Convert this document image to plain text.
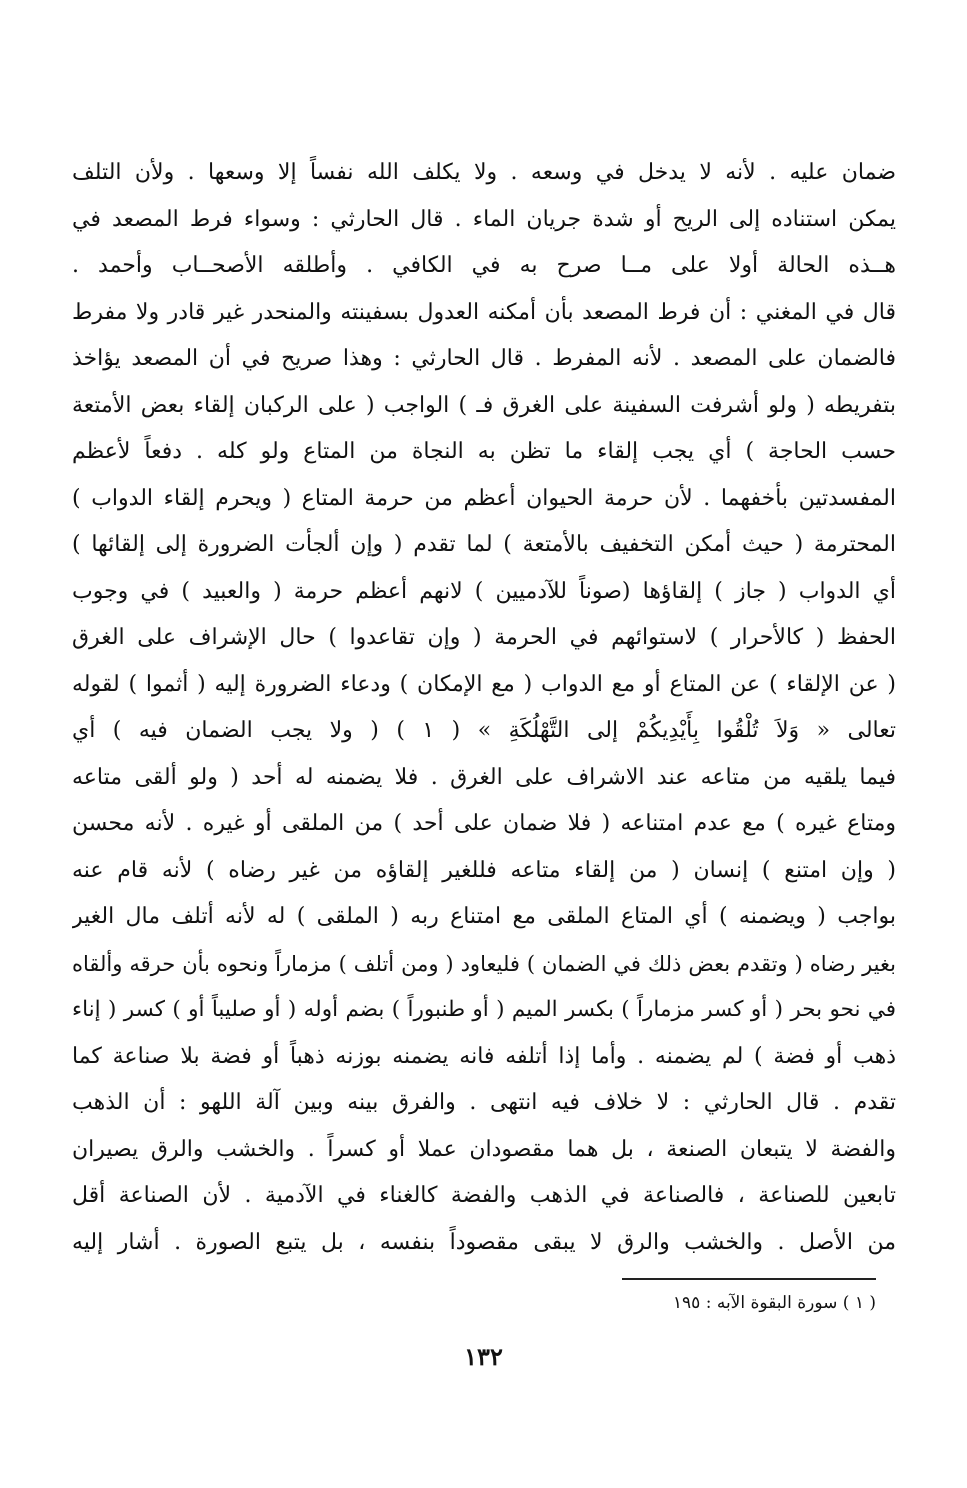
ضمان عليه . لأنه لا يدخل في وسعه . ولا يكلف الله نفساً إلا وسعها . ولأن التلف
يمكن استناده إلى الريح أو شدة جريان الماء . قال الحارثي : وسواء فرط المصعد في
هــذه الحالة أولا على مــا صرح به في الكافي . وأطلقه الأصحــاب وأحمد .
قال في المغني : أن فرط المصعد بأن أمكنه العدول بسفينته والمنحدر غير قادر ولا مفرط
فالضمان على المصعد . لأنه المفرط . قال الحارثي : وهذا صريح في أن المصعد يؤاخذ
بتفريطه ( ولو أشرفت السفينة على الغرق فـ ) الواجب ( على الركبان إلقاء بعض الأمتعة
حسب الحاجة ) أي يجب إلقاء ما تظن به النجاة من المتاع ولو كله . دفعاً لأعظم
المفسدتين بأخفهما . لأن حرمة الحيوان أعظم من حرمة المتاع ( ويحرم إلقاء الدواب )
المحترمة ( حيث أمكن التخفيف بالأمتعة ) لما تقدم ( وإن ألجأت الضرورة إلى إلقائها )
أي الدواب ( جاز ) إلقاؤها (صوناً للآدميين ) لانهم أعظم حرمة ( والعبيد ) في وجوب
الحفظ ( كالأحرار ) لاستوائهم في الحرمة ( وإن تقاعدوا ) حال الإشراف على الغرق
( عن الإلقاء ) عن المتاع أو مع الدواب ( مع الإمكان ) ودعاء الضرورة إليه ( أثموا ) لقوله
تعالى « وَلاَ تُلْقُوا بِأَيْدِيكُمْ إلى التَّهْلُكَةِ » ( ١ ) ( ولا يجب الضمان فيه ) أي
فيما يلقيه من متاعه عند الاشراف على الغرق . فلا يضمنه له أحد ( ولو ألقى متاعه
ومتاع غيره ) مع عدم امتناعه ( فلا ضمان على أحد ) من الملقى أو غيره . لأنه محسن
( وإن امتنع ) إنسان ( من إلقاء متاعه فللغير إلقاؤه من غير رضاه ) لأنه قام عنه
بواجب ( ويضمنه ) أي المتاع الملقى مع امتناع ربه ( الملقى ) له لأنه أتلف مال الغير
بغير رضاه ( وتقدم بعض ذلك في الضمان ) فليعاود ( ومن أتلف ) مزماراً ونحوه بأن حرقه وألقاه
في نحو بحر ( أو كسر مزماراً ) بكسر الميم ( أو طنبوراً ) بضم أوله ( أو صليباً أو ) كسر ( إناء
ذهب أو فضة ) لم يضمنه . وأما إذا أتلفه فانه يضمنه بوزنه ذهباً أو فضة بلا صناعة كما
تقدم . قال الحارثي : لا خلاف فيه انتهى . والفرق بينه وبين آلة اللهو : أن الذهب
والفضة لا يتبعان الصنعة ، بل هما مقصودان عملا أو كسراً . والخشب والرق يصيران
تابعين للصناعة ، فالصناعة في الذهب والفضة كالغناء في الآدمية . لأن الصناعة أقل
من الأصل . والخشب والرق لا يبقى مقصوداً بنفسه ، بل يتبع الصورة . أشار إليه
( ١ ) سورة البقوة الآبه : ١٩٥
١٣٢
